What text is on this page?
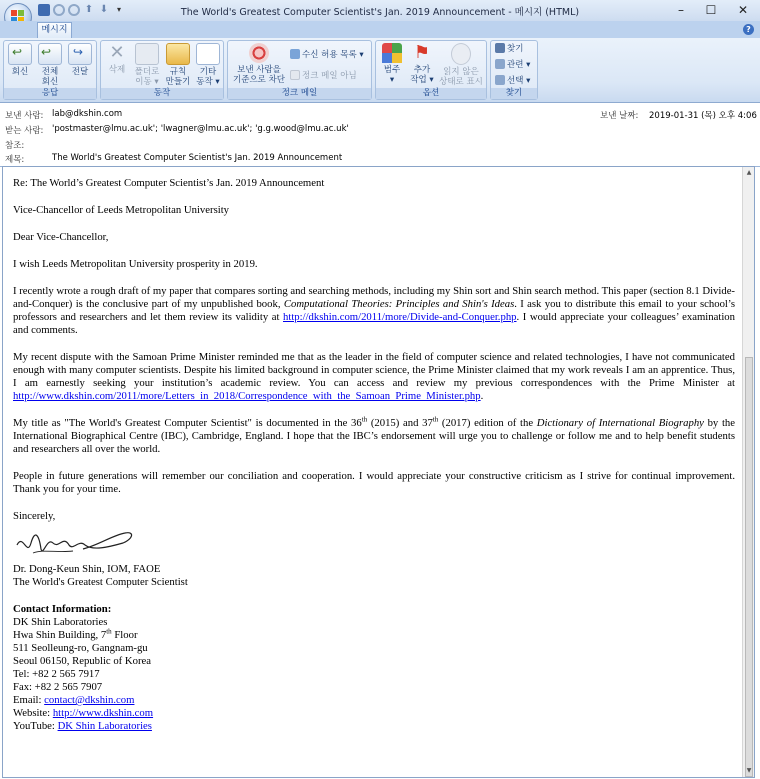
⬆ ⬇	▾	The World's Greatest Computer Scientist's Jan. 2019 Announcement - 메시지 (HTML)	–	☐	✕
메시지	?
↩
회신
↩
전체
회신
↪
전달
응답
✕
삭제	폴더로
이동 ▾
규칙
만들기
기타
동작 ▾
동작
보낸 사람을
기준으로 차단
수신 허용 목록 ▾
정크 메일 아님
정크 메일
범주
▾
⚑
추가
작업 ▾
읽지 않은
상태로 표시
옵션
찾기
관련 ▾
선택 ▾
찾기
보낸 사람: lab@dkshin.com	보낸 날짜: 2019-01-31 (목) 오후 4:06
받는 사람: 'postmaster@lmu.ac.uk'; 'lwagner@lmu.ac.uk'; 'g.g.wood@lmu.ac.uk'
참조:
제목:	The World's Greatest Computer Scientist's Jan. 2019 Announcement

Re: The World’s Greatest Computer Scientist’s Jan. 2019 Announcement

Vice-Chancellor of Leeds Metropolitan University

Dear Vice-Chancellor,

I wish Leeds Metropolitan University prosperity in 2019.

I recently wrote a rough draft of my paper that compares sorting and searching methods, including my Shin sort and Shin search method. This paper (section 8.1 Divide-and-Conquer) is the conclusive part of my unpublished book, Computational Theories: Principles and Shin's Ideas. I ask you to distribute this email to your school’s professors and researchers and let them review its validity at http://dkshin.com/2011/more/Divide-and-Conquer.php. I would appreciate your colleagues’ examination and comments.

My recent dispute with the Samoan Prime Minister reminded me that as the leader in the field of computer science and related technologies, I have not communicated enough with many computer scientists. Despite his limited background in computer science, the Prime Minister claimed that my work reveals I am an apprentice. Thus, I am earnestly seeking your institution’s academic review. You can access and review my previous correspondences with the Prime Minister at http://www.dkshin.com/2011/more/Letters_in_2018/Correspondence_with_the_Samoan_Prime_Minister.php.

My title as "The World's Greatest Computer Scientist" is documented in the 36th (2015) and 37th (2017) edition of the Dictionary of International Biography by the International Biographical Centre (IBC), Cambridge, England. I hope that the IBC’s endorsement will urge you to challenge or follow me and to help benefit students and researchers all over the world.

People in future generations will remember our conciliation and cooperation. I would appreciate your constructive criticism as I strive for continual improvement. Thank you for your time.

Sincerely,

Dr. Dong-Keun Shin, IOM, FAOE
The World's Greatest Computer Scientist
Contact Information:
DK Shin Laboratories
Hwa Shin Building, 7th Floor
511 Seolleung-ro, Gangnam-gu
Seoul 06150, Republic of Korea
Tel: +82 2 565 7917
Fax: +82 2 565 7907
Email: contact@dkshin.com
Website: http://www.dkshin.com
YouTube: DK Shin Laboratories
▲
▼
